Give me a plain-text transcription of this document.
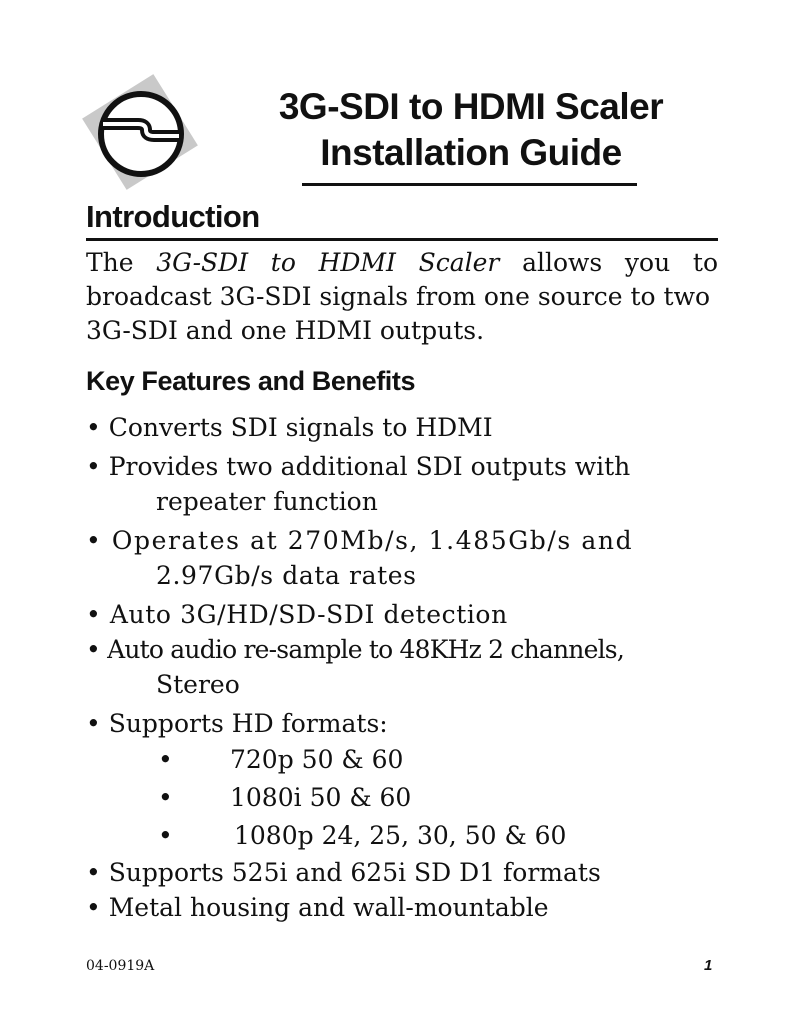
3G-SDI to HDMI Scaler
Installation Guide
Introduction
The 3G-SDI to HDMI Scaler allows you to
broadcast 3G-SDI signals from one source to two
3G-SDI and one HDMI outputs.
Key Features and Benefits
• Converts SDI signals to HDMI
• Provides two additional SDI outputs with
repeater function
• Operates at 270Mb/s, 1.485Gb/s and
2.97Gb/s data rates
• Auto 3G/HD/SD-SDI detection
• Auto audio re-sample to 48KHz 2 channels,
Stereo
• Supports HD formats:
• 720p 50 & 60
• 1080i 50 & 60
• 1080p 24, 25, 30, 50 & 60
• Supports 525i and 625i SD D1 formats
• Metal housing and wall-mountable
04-0919A	1
